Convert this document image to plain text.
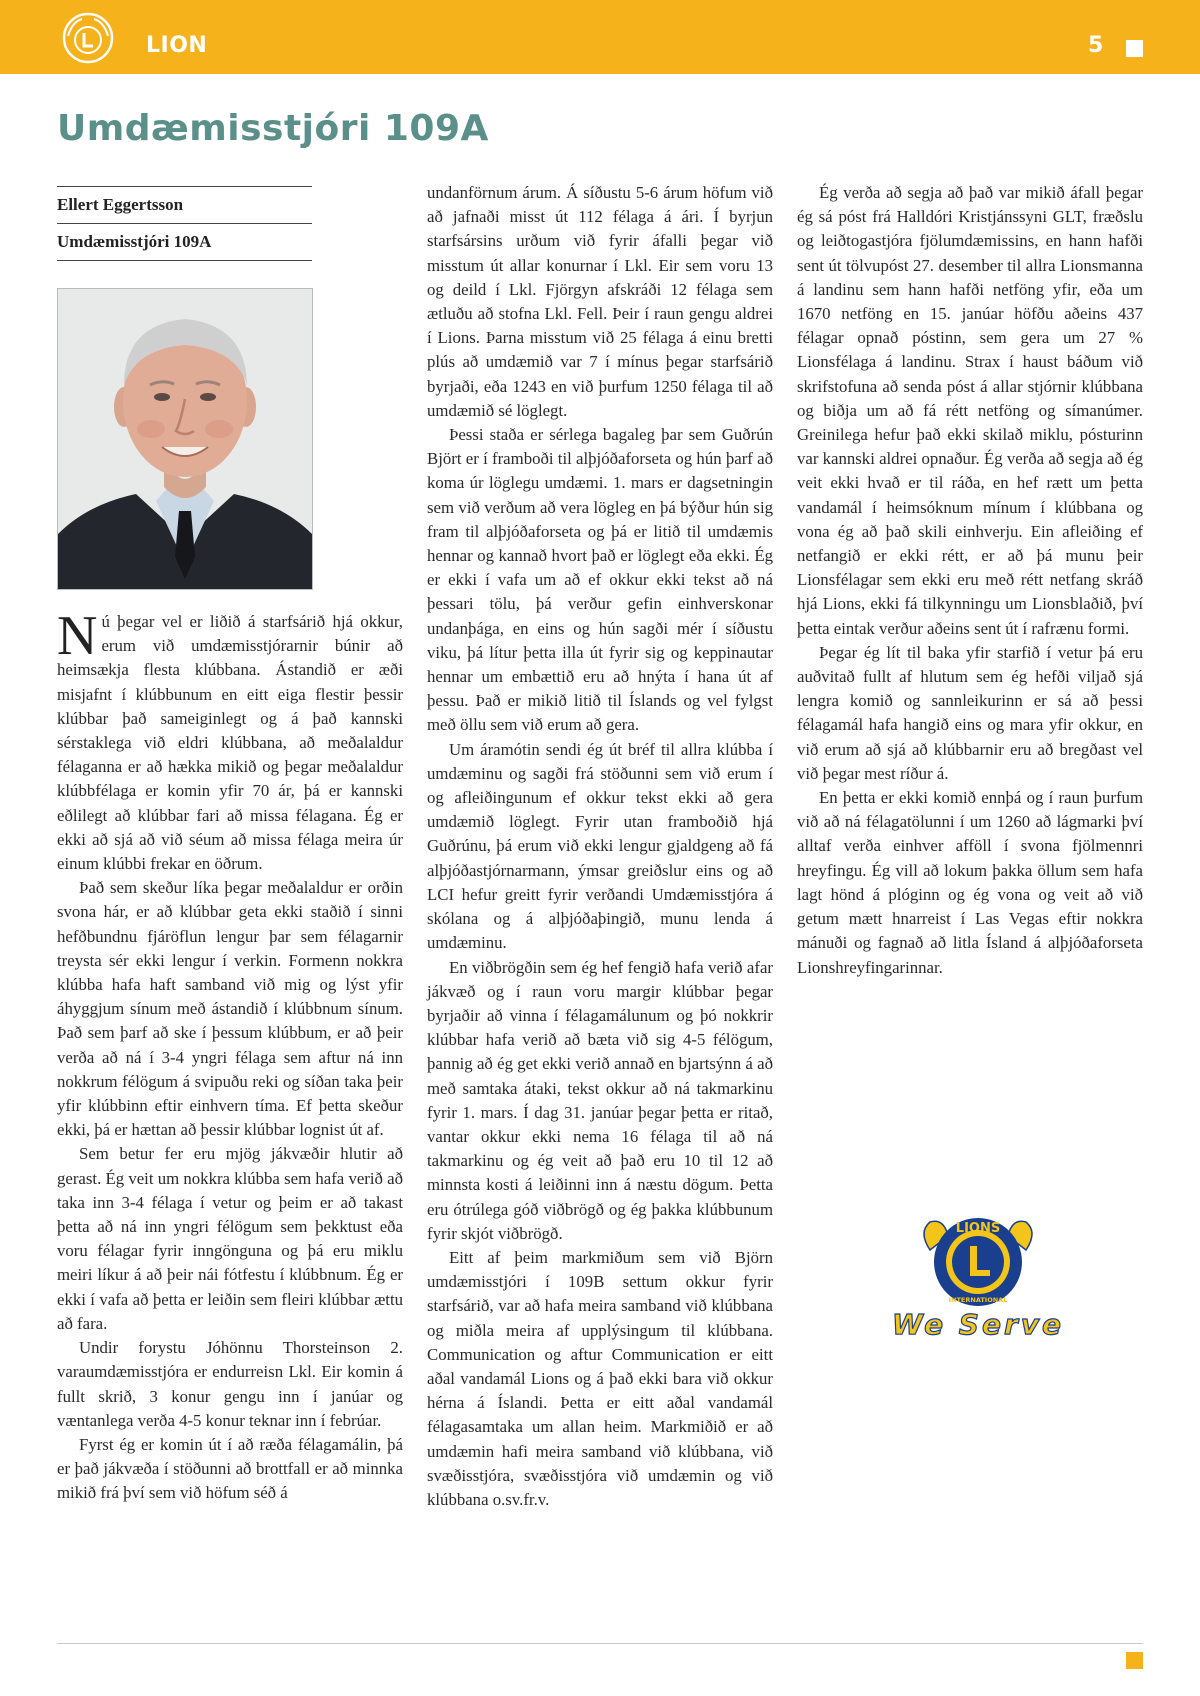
LION	5
Umdæmisstjóri 109A
Ellert Eggertsson
Umdæmisstjóri 109A

Nú þegar vel er liðið á starfsárið hjá okkur, erum við umdæmisstjórarnir búnir að heimsækja flesta klúbbana. Ástandið er æði misjafnt í klúbbunum en eitt eiga flestir þessir klúbbar það sameiginlegt og á það kannski sérstaklega við eldri klúbbana, að meðalaldur félaganna er að hækka mikið og þegar meðalaldur klúbbfélaga er komin yfir 70 ár, þá er kannski eðlilegt að klúbbar fari að missa félagana. Ég er ekki að sjá að við séum að missa félaga meira úr einum klúbbi frekar en öðrum.

Það sem skeður líka þegar meðalaldur er orðin svona hár, er að klúbbar geta ekki staðið í sinni hefðbundnu fjáröflun lengur þar sem félagarnir treysta sér ekki lengur í verkin. Formenn nokkra klúbba hafa haft samband við mig og lýst yfir áhyggjum sínum með ástandið í klúbbnum sínum. Það sem þarf að ske í þessum klúbbum, er að þeir verða að ná í 3-4 yngri félaga sem aftur ná inn nokkrum félögum á svipuðu reki og síðan taka þeir yfir klúbbinn eftir einhvern tíma. Ef þetta skeður ekki, þá er hættan að þessir klúbbar lognist út af.

Sem betur fer eru mjög jákvæðir hlutir að gerast. Ég veit um nokkra klúbba sem hafa verið að taka inn 3-4 félaga í vetur og þeim er að takast þetta að ná inn yngri félögum sem þekktust eða voru félagar fyrir inngönguna og þá eru miklu meiri líkur á að þeir nái fótfestu í klúbbnum. Ég er ekki í vafa að þetta er leiðin sem fleiri klúbbar ættu að fara.

Undir forystu Jóhönnu Thorsteinson 2. varaumdæmisstjóra er endurreisn Lkl. Eir komin á fullt skrið, 3 konur gengu inn í janúar og væntanlega verða 4-5 konur teknar inn í febrúar.

Fyrst ég er komin út í að ræða félagamálin, þá er það jákvæða í stöðunni að brottfall er að minnka mikið frá því sem við höfum séð á

undanförnum árum. Á síðustu 5-6 árum höfum við að jafnaði misst út 112 félaga á ári. Í byrjun starfsársins urðum við fyrir áfalli þegar við misstum út allar konurnar í Lkl. Eir sem voru 13 og deild í Lkl. Fjörgyn afskráði 12 félaga sem ætluðu að stofna Lkl. Fell. Þeir í raun gengu aldrei í Lions. Þarna misstum við 25 félaga á einu bretti plús að umdæmið var 7 í mínus þegar starfsárið byrjaði, eða 1243 en við þurfum 1250 félaga til að umdæmið sé löglegt.

Þessi staða er sérlega bagaleg þar sem Guðrún Björt er í framboði til alþjóðaforseta og hún þarf að koma úr löglegu umdæmi. 1. mars er dagsetningin sem við verðum að vera lögleg en þá býður hún sig fram til alþjóðaforseta og þá er litið til umdæmis hennar og kannað hvort það er löglegt eða ekki. Ég er ekki í vafa um að ef okkur ekki tekst að ná þessari tölu, þá verður gefin einhverskonar undanþága, en eins og hún sagði mér í síðustu viku, þá lítur þetta illa út fyrir sig og keppinautar hennar um embættið eru að hnýta í hana út af þessu. Það er mikið litið til Íslands og vel fylgst með öllu sem við erum að gera.

Um áramótin sendi ég út bréf til allra klúbba í umdæminu og sagði frá stöðunni sem við erum í og afleiðingunum ef okkur tekst ekki að gera umdæmið löglegt. Fyrir utan framboðið hjá Guðrúnu, þá erum við ekki lengur gjaldgeng að fá alþjóðastjórnarmann, ýmsar greiðslur eins og að LCI hefur greitt fyrir verðandi Umdæmisstjóra á skólana og á alþjóðaþingið, munu lenda á umdæminu.

En viðbrögðin sem ég hef fengið hafa verið afar jákvæð og í raun voru margir klúbbar þegar byrjaðir að vinna í félagamálunum og þó nokkrir klúbbar hafa verið að bæta við sig 4-5 félögum, þannig að ég get ekki verið annað en bjartsýnn á að með samtaka átaki, tekst okkur að ná takmarkinu fyrir 1. mars. Í dag 31. janúar þegar þetta er ritað, vantar okkur ekki nema 16 félaga til að ná takmarkinu og ég veit að það eru 10 til 12 að minnsta kosti á leiðinni inn á næstu dögum. Þetta eru ótrúlega góð viðbrögð og ég þakka klúbbunum fyrir skjót viðbrögð.

Eitt af þeim markmiðum sem við Björn umdæmisstjóri í 109B settum okkur fyrir starfsárið, var að hafa meira samband við klúbbana og miðla meira af upplýsingum til klúbbana. Communication og aftur Communication er eitt aðal vandamál Lions og á það ekki bara við okkur hérna á Íslandi. Þetta er eitt aðal vandamál félagasamtaka um allan heim. Markmiðið er að umdæmin hafi meira samband við klúbbana, við svæðisstjóra, svæðisstjóra við umdæmin og við klúbbana o.sv.fr.v.

Ég verða að segja að það var mikið áfall þegar ég sá póst frá Halldóri Kristjánssyni GLT, fræðslu og leiðtogastjóra fjölumdæmissins, en hann hafði sent út tölvupóst 27. desember til allra Lionsmanna á landinu sem hann hafði netföng yfir, eða um 1670 netföng en 15. janúar höfðu aðeins 437 félagar opnað póstinn, sem gera um 27 % Lionsfélaga á landinu. Strax í haust báðum við skrifstofuna að senda póst á allar stjórnir klúbbana og biðja um að fá rétt netföng og símanúmer. Greinilega hefur það ekki skilað miklu, pósturinn var kannski aldrei opnaður. Ég verða að segja að ég veit ekki hvað er til ráða, en hef rætt um þetta vandamál í heimsóknum mínum í klúbbana og vona ég að það skili einhverju. Ein afleiðing ef netfangið er ekki rétt, er að þá munu þeir Lionsfélagar sem ekki eru með rétt netfang skráð hjá Lions, ekki fá tilkynningu um Lionsblaðið, því þetta eintak verður aðeins sent út í rafrænu formi.

Þegar ég lít til baka yfir starfið í vetur þá eru auðvitað fullt af hlutum sem ég hefði viljað sjá lengra komið og sannleikurinn er sá að þessi félagamál hafa hangið eins og mara yfir okkur, en við erum að sjá að klúbbarnir eru að bregðast vel við þegar mest ríður á.

En þetta er ekki komið ennþá og í raun þurfum við að ná félagatölunni í um 1260 að lágmarki því alltaf verða einhver afföll í svona fjölmennri hreyfingu. Ég vill að lokum þakka öllum sem hafa lagt hönd á plóginn og ég vona og veit að við getum mætt hnarreist í Las Vegas eftir nokkra mánuði og fagnað að litla Ísland á alþjóðaforseta Lionshreyfingarinnar.

LIONS
INTERNATIONAL
L
We Serve
